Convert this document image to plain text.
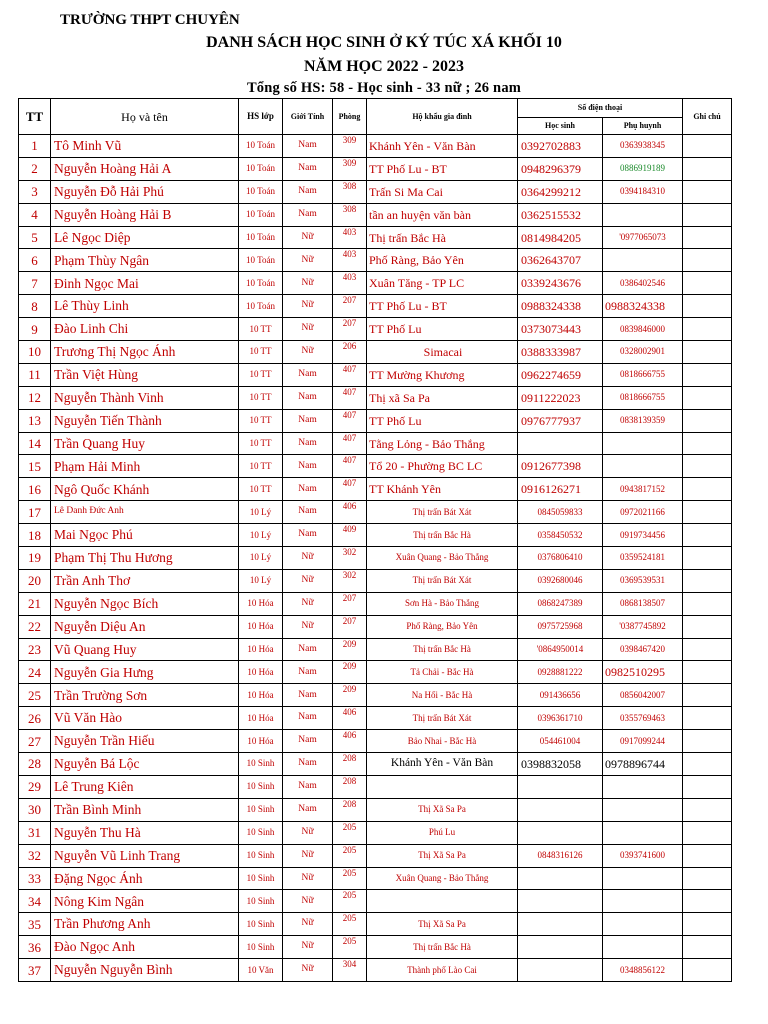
TRƯỜNG THPT CHUYÊN
DANH SÁCH HỌC SINH Ở KÝ TÚC XÁ KHỐI 10
NĂM HỌC 2022 - 2023
Tổng số HS: 58 - Học sinh - 33 nữ ; 26 nam
TT	Họ và tên	HS lớp	Giới Tính	Phòng	Hộ khẩu gia đình	Số điện thoại		Ghi chú
						Học sinh	Phụ huynh	
1	Tô Minh Vũ	10 Toán	Nam	309	Khánh Yên - Văn Bàn	0392702883	0363938345	
2	Nguyễn Hoàng Hải A	10 Toán	Nam	309	TT Phố Lu - BT	0948296379	0886919189	
3	Nguyễn Đỗ Hải Phú	10 Toán	Nam	308	Trấn Si Ma Cai	0364299212	0394184310	
4	Nguyễn Hoàng Hải B	10 Toán	Nam	308	tần an huyện văn bàn	0362515532		
5	Lê Ngọc Diệp	10 Toán	Nữ	403	Thị trấn Bắc Hà	0814984205	'0977065073	
6	Phạm Thùy Ngân	10 Toán	Nữ	403	Phố Ràng, Bảo Yên	0362643707		
7	Đinh Ngọc Mai	10 Toán	Nữ	403	Xuân Tăng - TP LC	0339243676	0386402546	
8	Lê Thùy Linh	10 Toán	Nữ	207	TT Phố Lu - BT	0988324338	0988324338	
9	Đào Linh Chi	10 TT	Nữ	207	TT Phố Lu	0373073443	0839846000	
10	Trương Thị Ngọc Ánh	10 TT	Nữ	206	Simacai	0388333987	0328002901	
11	Trần Việt Hùng	10 TT	Nam	407	TT Mường Khương	0962274659	0818666755	
12	Nguyễn Thành Vinh	10 TT	Nam	407	Thị xã Sa Pa	0911222023	0818666755	
13	Nguyễn Tiến Thành	10 TT	Nam	407	TT Phố Lu	0976777937	0838139359	
14	Trần Quang Huy	10 TT	Nam	407	Tằng Lỏng - Bảo Thắng			
15	Phạm Hải Minh	10 TT	Nam	407	Tổ 20 - Phường BC LC	0912677398		
16	Ngô Quốc Khánh	10 TT	Nam	407	TT Khánh Yên	0916126271	0943817152	
17	Lê Danh Đức Anh	10 Lý	Nam	406	Thị trấn Bát Xát	0845059833	0972021166	
18	Mai Ngọc Phú	10 Lý	Nam	409	Thị trấn Bắc Hà	0358450532	0919734456	
19	Phạm Thị Thu Hương	10 Lý	Nữ	302	Xuân Quang - Bảo Thắng	0376806410	0359524181	
20	Trần Anh Thơ	10 Lý	Nữ	302	Thị trấn Bát Xát	0392680046	0369539531	
21	Nguyễn Ngọc Bích	10 Hóa	Nữ	207	Sơn Hà - Bảo Thắng	0868247389	0868138507	
22	Nguyễn Diệu An	10 Hóa	Nữ	207	Phố Ràng, Bảo Yên	0975725968	'0387745892	
23	Vũ Quang Huy	10 Hóa	Nam	209	Thị trấn Bắc Hà	'0864950014	0398467420	
24	Nguyễn Gia Hưng	10 Hóa	Nam	209	Tả Chải - Bắc Hà	0928881222	0982510295	
25	Trần Trường Sơn	10 Hóa	Nam	209	Na Hối - Bắc Hà	091436656	0856042007	
26	Vũ Văn Hào	10 Hóa	Nam	406	Thị trấn Bát Xát	0396361710	0355769463	
27	Nguyễn Trần Hiếu	10 Hóa	Nam	406	Bảo Nhai - Bắc Hà	054461004	0917099244	
28	Nguyễn Bá Lộc	10 Sinh	Nam	208	Khánh Yên - Văn Bàn	0398832058	0978896744	
29	Lê Trung Kiên	10 Sinh	Nam	208				
30	Trần Bình Minh	10 Sinh	Nam	208	Thị Xã Sa Pa			
31	Nguyễn Thu Hà	10 Sinh	Nữ	205	Phú Lu			
32	Nguyễn Vũ Linh Trang	10 Sinh	Nữ	205	Thị Xã Sa Pa	0848316126	0393741600	
33	Đặng Ngọc Ánh	10 Sinh	Nữ	205	Xuân Quang - Bảo Thắng			
34	Nông Kim Ngân	10 Sinh	Nữ	205				
35	Trần Phương Anh	10 Sinh	Nữ	205	Thị Xã Sa Pa			
36	Đào Ngọc Anh	10 Sinh	Nữ	205	Thị trấn Bắc Hà			
37	Nguyễn Nguyễn Bình	10 Văn	Nữ	304	Thành phố Lào Cai		0348856122	
